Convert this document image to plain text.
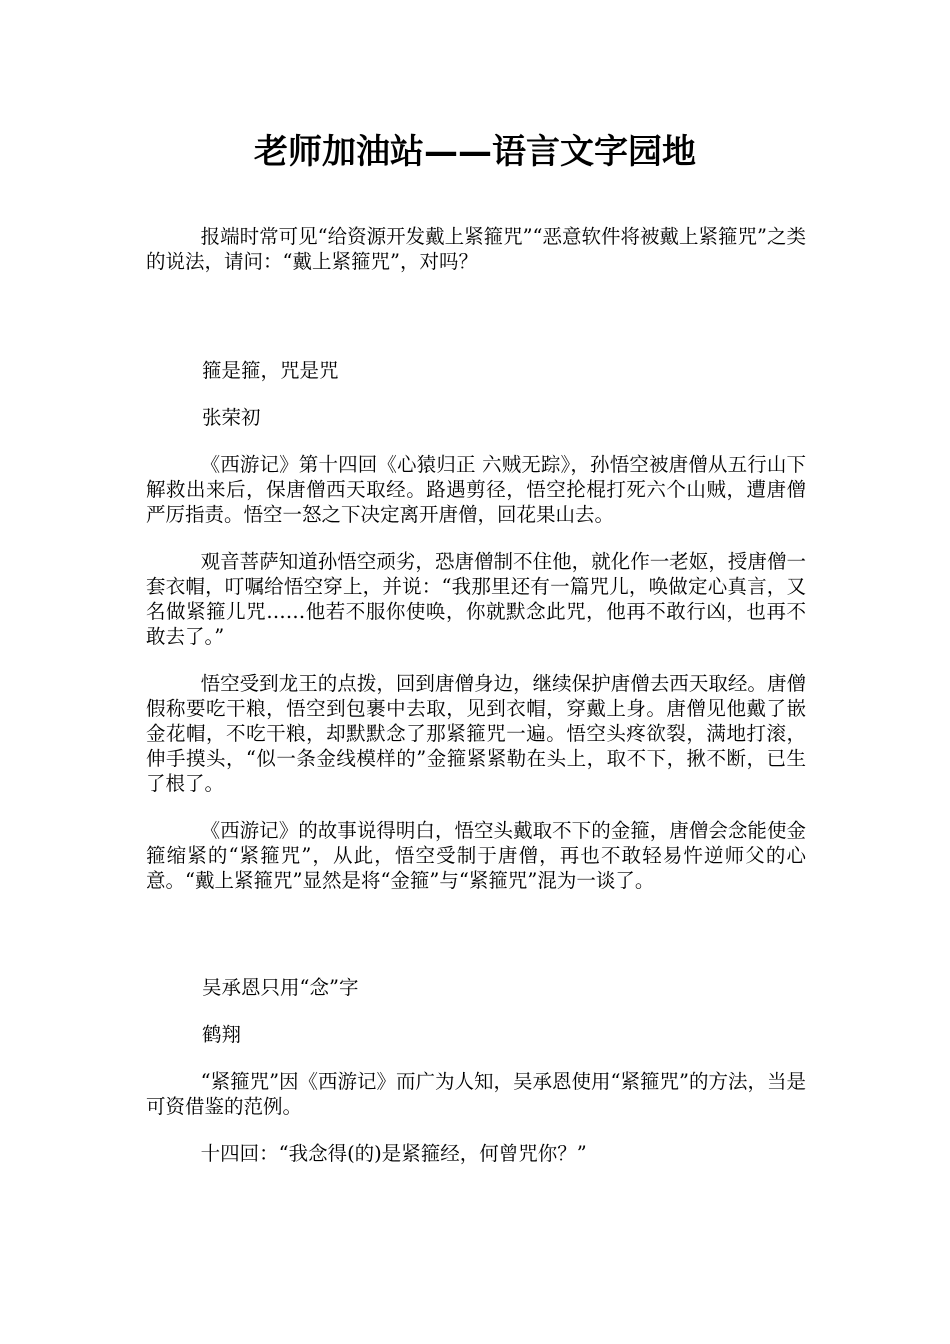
老师加油站——语言文字园地

报端时常可见“给资源开发戴上紧箍咒”“恶意软件将被戴上紧箍咒”之类的说法，请问：“戴上紧箍咒”，对吗？

箍是箍，咒是咒

张荣初

《西游记》第十四回《心猿归正 六贼无踪》，孙悟空被唐僧从五行山下解救出来后，保唐僧西天取经。路遇剪径，悟空抡棍打死六个山贼，遭唐僧严厉指责。悟空一怒之下决定离开唐僧，回花果山去。

观音菩萨知道孙悟空顽劣，恐唐僧制不住他，就化作一老妪，授唐僧一套衣帽，叮嘱给悟空穿上，并说：“我那里还有一篇咒儿，唤做定心真言，又名做紧箍儿咒……他若不服你使唤，你就默念此咒，他再不敢行凶，也再不敢去了。”

悟空受到龙王的点拨，回到唐僧身边，继续保护唐僧去西天取经。唐僧假称要吃干粮，悟空到包裹中去取，见到衣帽，穿戴上身。唐僧见他戴了嵌金花帽，不吃干粮，却默默念了那紧箍咒一遍。悟空头疼欲裂，满地打滚，伸手摸头，“似一条金线模样的”金箍紧紧勒在头上，取不下，揪不断，已生了根了。

《西游记》的故事说得明白，悟空头戴取不下的金箍，唐僧会念能使金箍缩紧的“紧箍咒”，从此，悟空受制于唐僧，再也不敢轻易忤逆师父的心意。“戴上紧箍咒”显然是将“金箍”与“紧箍咒”混为一谈了。

吴承恩只用“念”字

鹤翔

“紧箍咒”因《西游记》而广为人知，吴承恩使用“紧箍咒”的方法，当是可资借鉴的范例。

十四回：“我念得(的)是紧箍经，何曾咒你？”
